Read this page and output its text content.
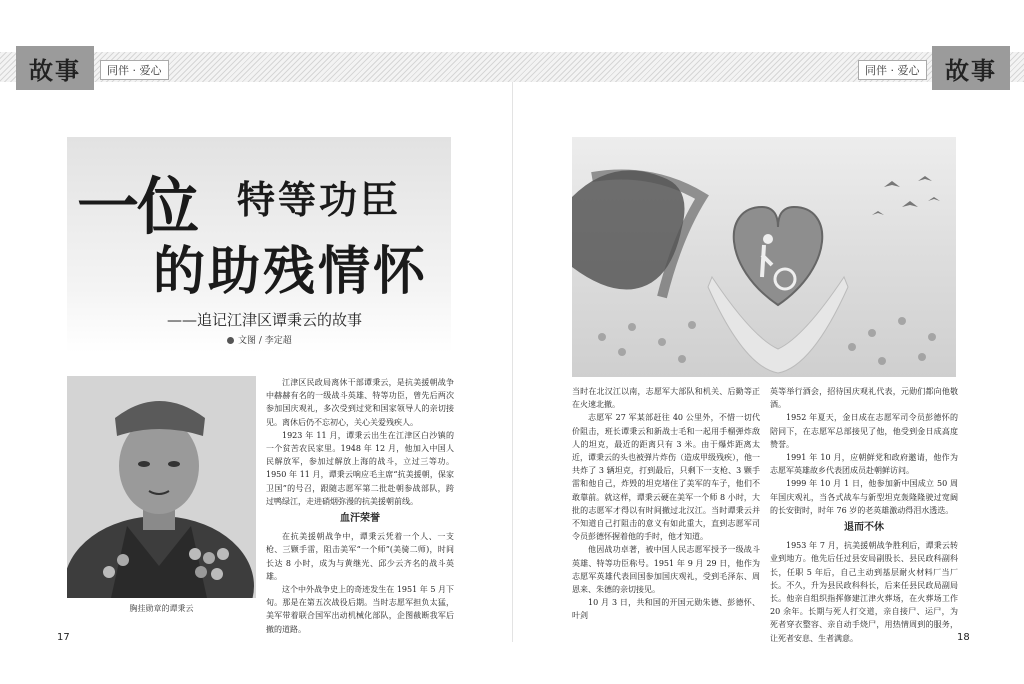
故事	同伴 · 爱心	同伴 · 爱心	故事
一位 特等功臣
的助残情怀
——追记江津区谭秉云的故事
文图 / 李定超
胸挂勋章的谭秉云

江津区民政局离休干部谭秉云，是抗美援朝战争中赫赫有名的一级战斗英雄、特等功臣，曾先后两次参加国庆观礼，多次受到过党和国家领导人的亲切接见。离休后仍不忘初心，关心关爱残疾人。

1923 年 11 月，谭秉云出生在江津区白沙镇的一个贫苦农民家里。1948 年 12 月，他加入中国人民解放军，参加过解放上海的战斗，立过三等功。1950 年 11 月，谭秉云响应毛主席“抗美援朝，保家卫国”的号召，跟随志愿军第二批赴朝参战部队，跨过鸭绿江，走进硝烟弥漫的抗美援朝前线。

血汗荣誉

在抗美援朝战争中，谭秉云凭着一个人、一支枪、三颗手雷，阻击美军“一个师”(美骑二师)，时间长达 8 小时，成为与黄继光、邱少云齐名的战斗英雄。

这个中外战争史上的奇迹发生在 1951 年 5 月下旬。那是在第五次战役后期。当时志愿军担负太猛，美军带着联合国军出动机械化部队，企图截断我军后撤的道路。

当时在北汉江以南，志愿军大部队和机关、后勤等正在火速北撤。

志愿军 27 军某部赶往 40 公里外，不惜一切代价阻击，班长谭秉云和新战士毛和一起用手榴弹炸敌人的坦克，最近的距离只有 3 米。由于爆炸距离太近，谭秉云的头也被弹片炸伤（造成甲级残疾），他一共炸了 3 辆坦克，打到最后，只剩下一支枪、3 颗手雷和他自己，炸毁的坦克堵住了美军的车子，他们不敢靠前。就这样，谭秉云硬在美军一个师 8 小时，大批的志愿军才得以有时间撤过北汉江。当时谭秉云并不知道自己打阻击的意义有如此重大，直到志愿军司令员彭德怀握着他的手时，他才知道。

他因战功卓著，被中国人民志愿军授予一级战斗英雄、特等功臣称号。1951 年 9 月 29 日，他作为志愿军英雄代表回国参加国庆观礼，受到毛泽东、周恩来、朱德的亲切接见。

10 月 3 日，共和国的开国元勋朱德、彭德怀、叶剑

英等举行酒会，招待国庆观礼代表，元勋们都向他敬酒。

1952 年夏天，金日成在志愿军司令员彭德怀的陪同下，在志愿军总部接见了他，他受到金日成高度赞誉。

1991 年 10 月，应朝鲜党和政府邀请，他作为志愿军英雄故乡代表团成员赴朝鲜访问。

1999 年 10 月 1 日，他参加新中国成立 50 周年国庆观礼，当各式战车与新型坦克轰隆隆驶过宽阔的长安街时，时年 76 岁的老英雄激动得泪水透迭。

退而不休

1953 年 7 月，抗美援朝战争胜利后，谭秉云转业到地方。他先后任过县安局副股长、县民政科副科长，任职 5 年后，自己主动到基层耐火材料厂当厂长。不久，升为县民政科科长，后来任县民政局副局长。他亲自组织指挥修建江津火葬场，在火葬场工作 20 余年。长期与死人打交道，亲自接尸、运尸，为死者穿衣整容、亲自动手烧尸，用热情周到的服务，让死者安息、生者满意。

17	18
